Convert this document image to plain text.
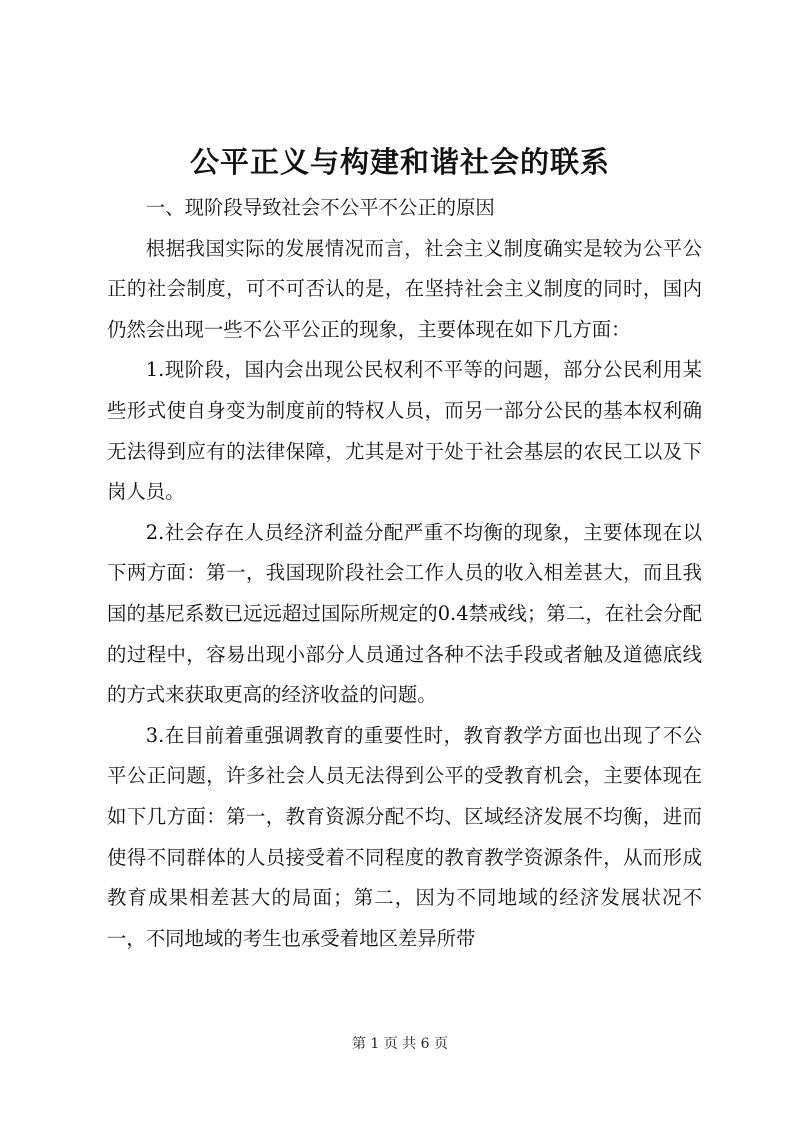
公平正义与构建和谐社会的联系

一、现阶段导致社会不公平不公正的原因

根据我国实际的发展情况而言，社会主义制度确实是较为公平公正的社会制度，可不可否认的是，在坚持社会主义制度的同时，国内仍然会出现一些不公平公正的现象，主要体现在如下几方面：

1.现阶段，国内会出现公民权利不平等的问题，部分公民利用某些形式使自身变为制度前的特权人员，而另一部分公民的基本权利确无法得到应有的法律保障，尤其是对于处于社会基层的农民工以及下岗人员。

2.社会存在人员经济利益分配严重不均衡的现象，主要体现在以下两方面：第一，我国现阶段社会工作人员的收入相差甚大，而且我国的基尼系数已远远超过国际所规定的0.4禁戒线；第二，在社会分配的过程中，容易出现小部分人员通过各种不法手段或者触及道德底线的方式来获取更高的经济收益的问题。

3.在目前着重强调教育的重要性时，教育教学方面也出现了不公平公正问题，许多社会人员无法得到公平的受教育机会，主要体现在如下几方面：第一，教育资源分配不均、区域经济发展不均衡，进而使得不同群体的人员接受着不同程度的教育教学资源条件，从而形成教育成果相差甚大的局面；第二，因为不同地域的经济发展状况不一，不同地域的考生也承受着地区差异所带

第 1 页 共 6 页
